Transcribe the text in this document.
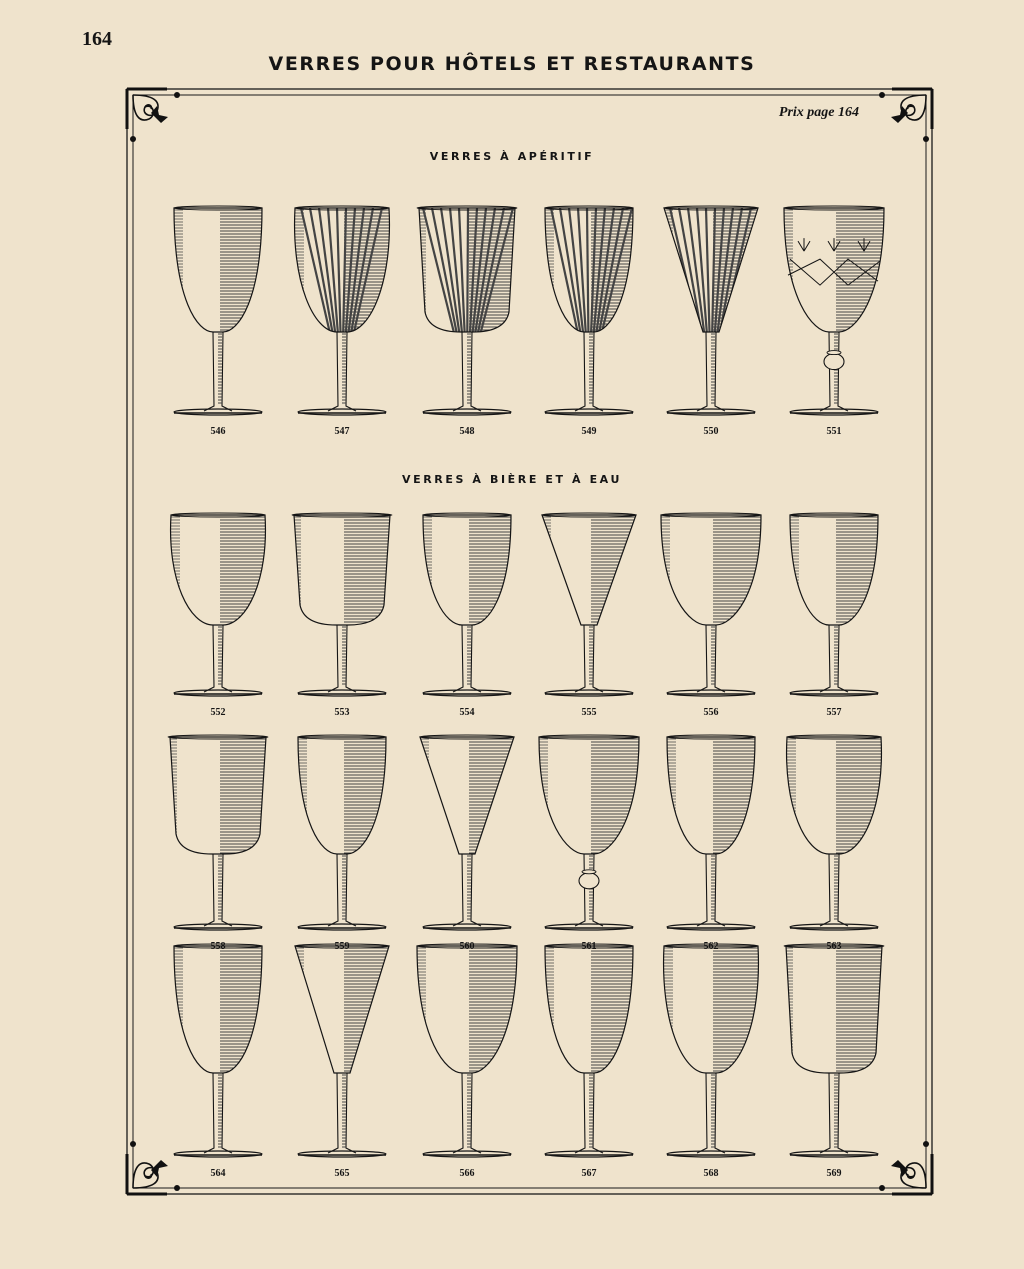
164
VERRES POUR HÔTELS ET RESTAURANTS
Prix page 164
VERRES À APÉRITIF
VERRES À BIÈRE ET À EAU
546	547	548	549	550	551
552	553	554	555	556	557
558	559	560	561	562	563
564	565	566	567	568	569
